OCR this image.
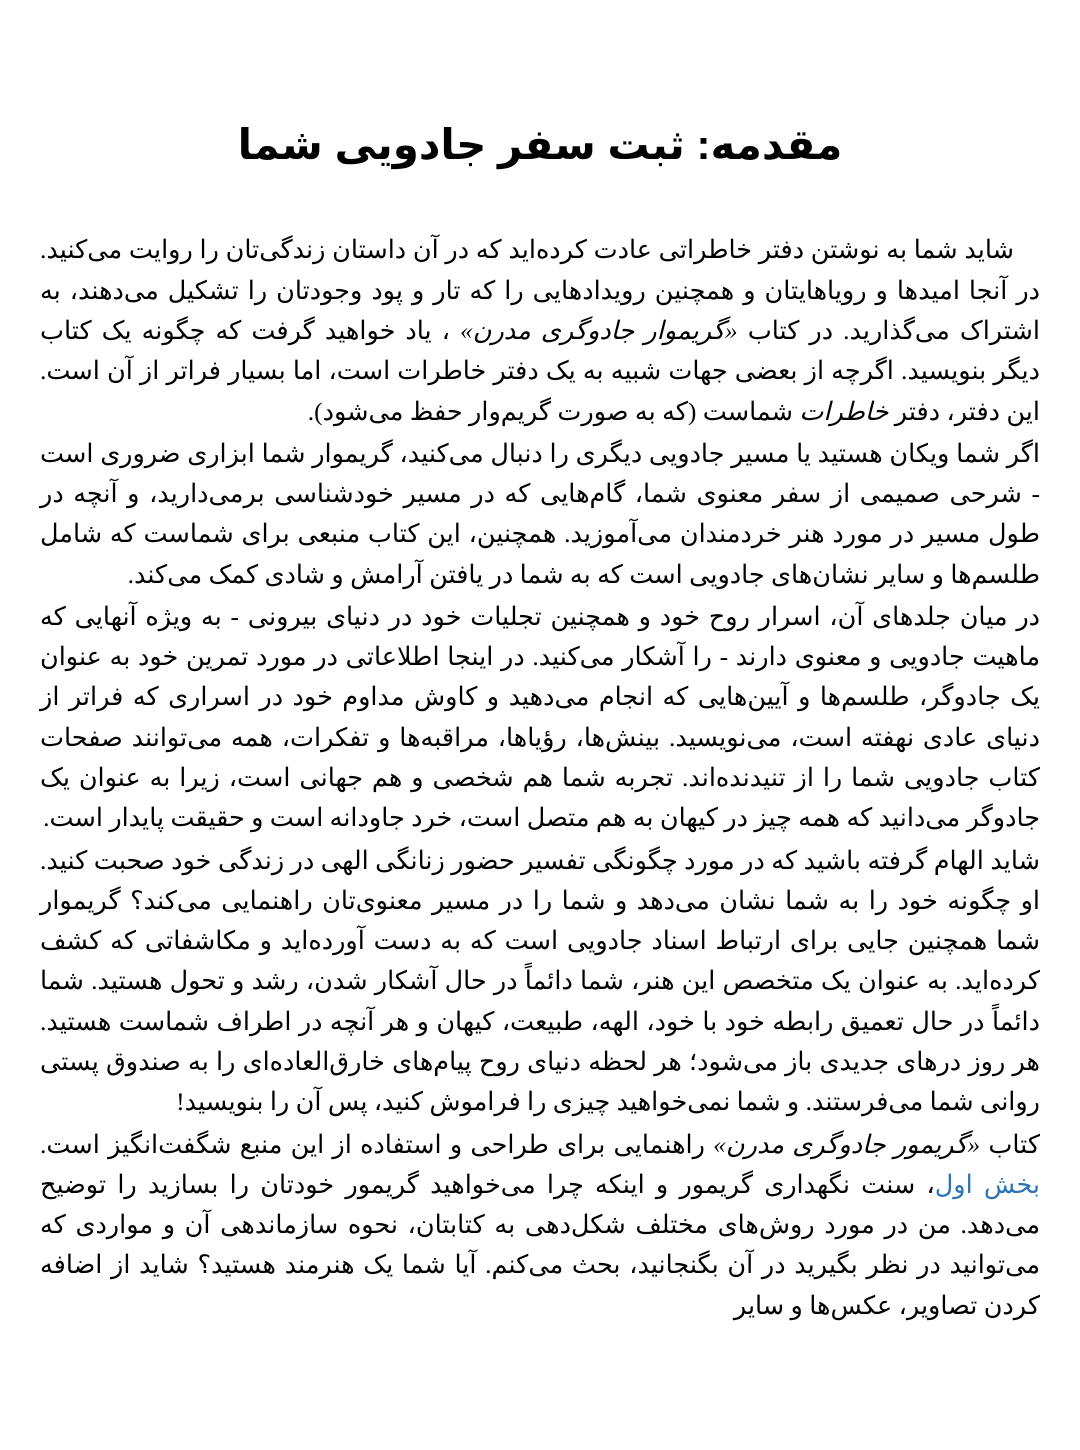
مقدمه: ثبت سفر جادویی شما

شاید شما به نوشتن دفتر خاطراتی عادت کرده‌اید که در آن داستان زندگی‌تان را روایت می‌کنید. در آنجا امیدها و رویاهایتان و همچنین رویدادهایی را که تار و پود وجودتان را تشکیل می‌دهند، به اشتراک می‌گذارید. در کتاب «گریموار جادوگری مدرن» ، یاد خواهید گرفت که چگونه یک کتاب دیگر بنویسید. اگرچه از بعضی جهات شبیه به یک دفتر خاطرات است، اما بسیار فراتر از آن است. این دفتر، دفتر خاطرات شماست (که به صورت گریم‌وار حفظ می‌شود).

اگر شما ویکان هستید یا مسیر جادویی دیگری را دنبال می‌کنید، گریموار شما ابزاری ضروری است - شرحی صمیمی از سفر معنوی شما، گام‌هایی که در مسیر خودشناسی برمی‌دارید، و آنچه در طول مسیر در مورد هنر خردمندان می‌آموزید. همچنین، این کتاب منبعی برای شماست که شامل طلسم‌ها و سایر نشان‌های جادویی است که به شما در یافتن آرامش و شادی کمک می‌کند.

در میان جلدهای آن، اسرار روح خود و همچنین تجلیات خود در دنیای بیرونی - به ویژه آنهایی که ماهیت جادویی و معنوی دارند - را آشکار می‌کنید. در اینجا اطلاعاتی در مورد تمرین خود به عنوان یک جادوگر، طلسم‌ها و آیین‌هایی که انجام می‌دهید و کاوش مداوم خود در اسراری که فراتر از دنیای عادی نهفته است، می‌نویسید. بینش‌ها، رؤیاها، مراقبه‌ها و تفکرات، همه می‌توانند صفحات کتاب جادویی شما را از تنیدنده‌اند. تجربه شما هم شخصی و هم جهانی است، زیرا به عنوان یک جادوگر می‌دانید که همه چیز در کیهان به هم متصل است، خرد جاودانه است و حقیقت پایدار است.

شاید الهام گرفته باشید که در مورد چگونگی تفسیر حضور زنانگی الهی در زندگی خود صحبت کنید. او چگونه خود را به شما نشان می‌دهد و شما را در مسیر معنوی‌تان راهنمایی می‌کند؟ گریموار شما همچنین جایی برای ارتباط اسناد جادویی است که به دست آورده‌اید و مکاشفاتی که کشف کرده‌اید. به عنوان یک متخصص این هنر، شما دائماً در حال آشکار شدن، رشد و تحول هستید. شما دائماً در حال تعمیق رابطه خود با خود، الهه، طبیعت، کیهان و هر آنچه در اطراف شماست هستید. هر روز درهای جدیدی باز می‌شود؛ هر لحظه دنیای روح پیام‌های خارق‌العاده‌ای را به صندوق پستی روانی شما می‌فرستند. و شما نمی‌خواهید چیزی را فراموش کنید، پس آن را بنویسید!

کتاب «گریمور جادوگری مدرن» راهنمایی برای طراحی و استفاده از این منبع شگفت‌انگیز است. بخش اول، سنت نگهداری گریمور و اینکه چرا می‌خواهید گریمور خودتان را بسازید را توضیح می‌دهد. من در مورد روش‌های مختلف شکل‌دهی به کتابتان، نحوه سازماندهی آن و مواردی که می‌توانید در نظر بگیرید در آن بگنجانید، بحث می‌کنم. آیا شما یک هنرمند هستید؟ شاید از اضافه کردن تصاویر، عکس‌ها و سایر
